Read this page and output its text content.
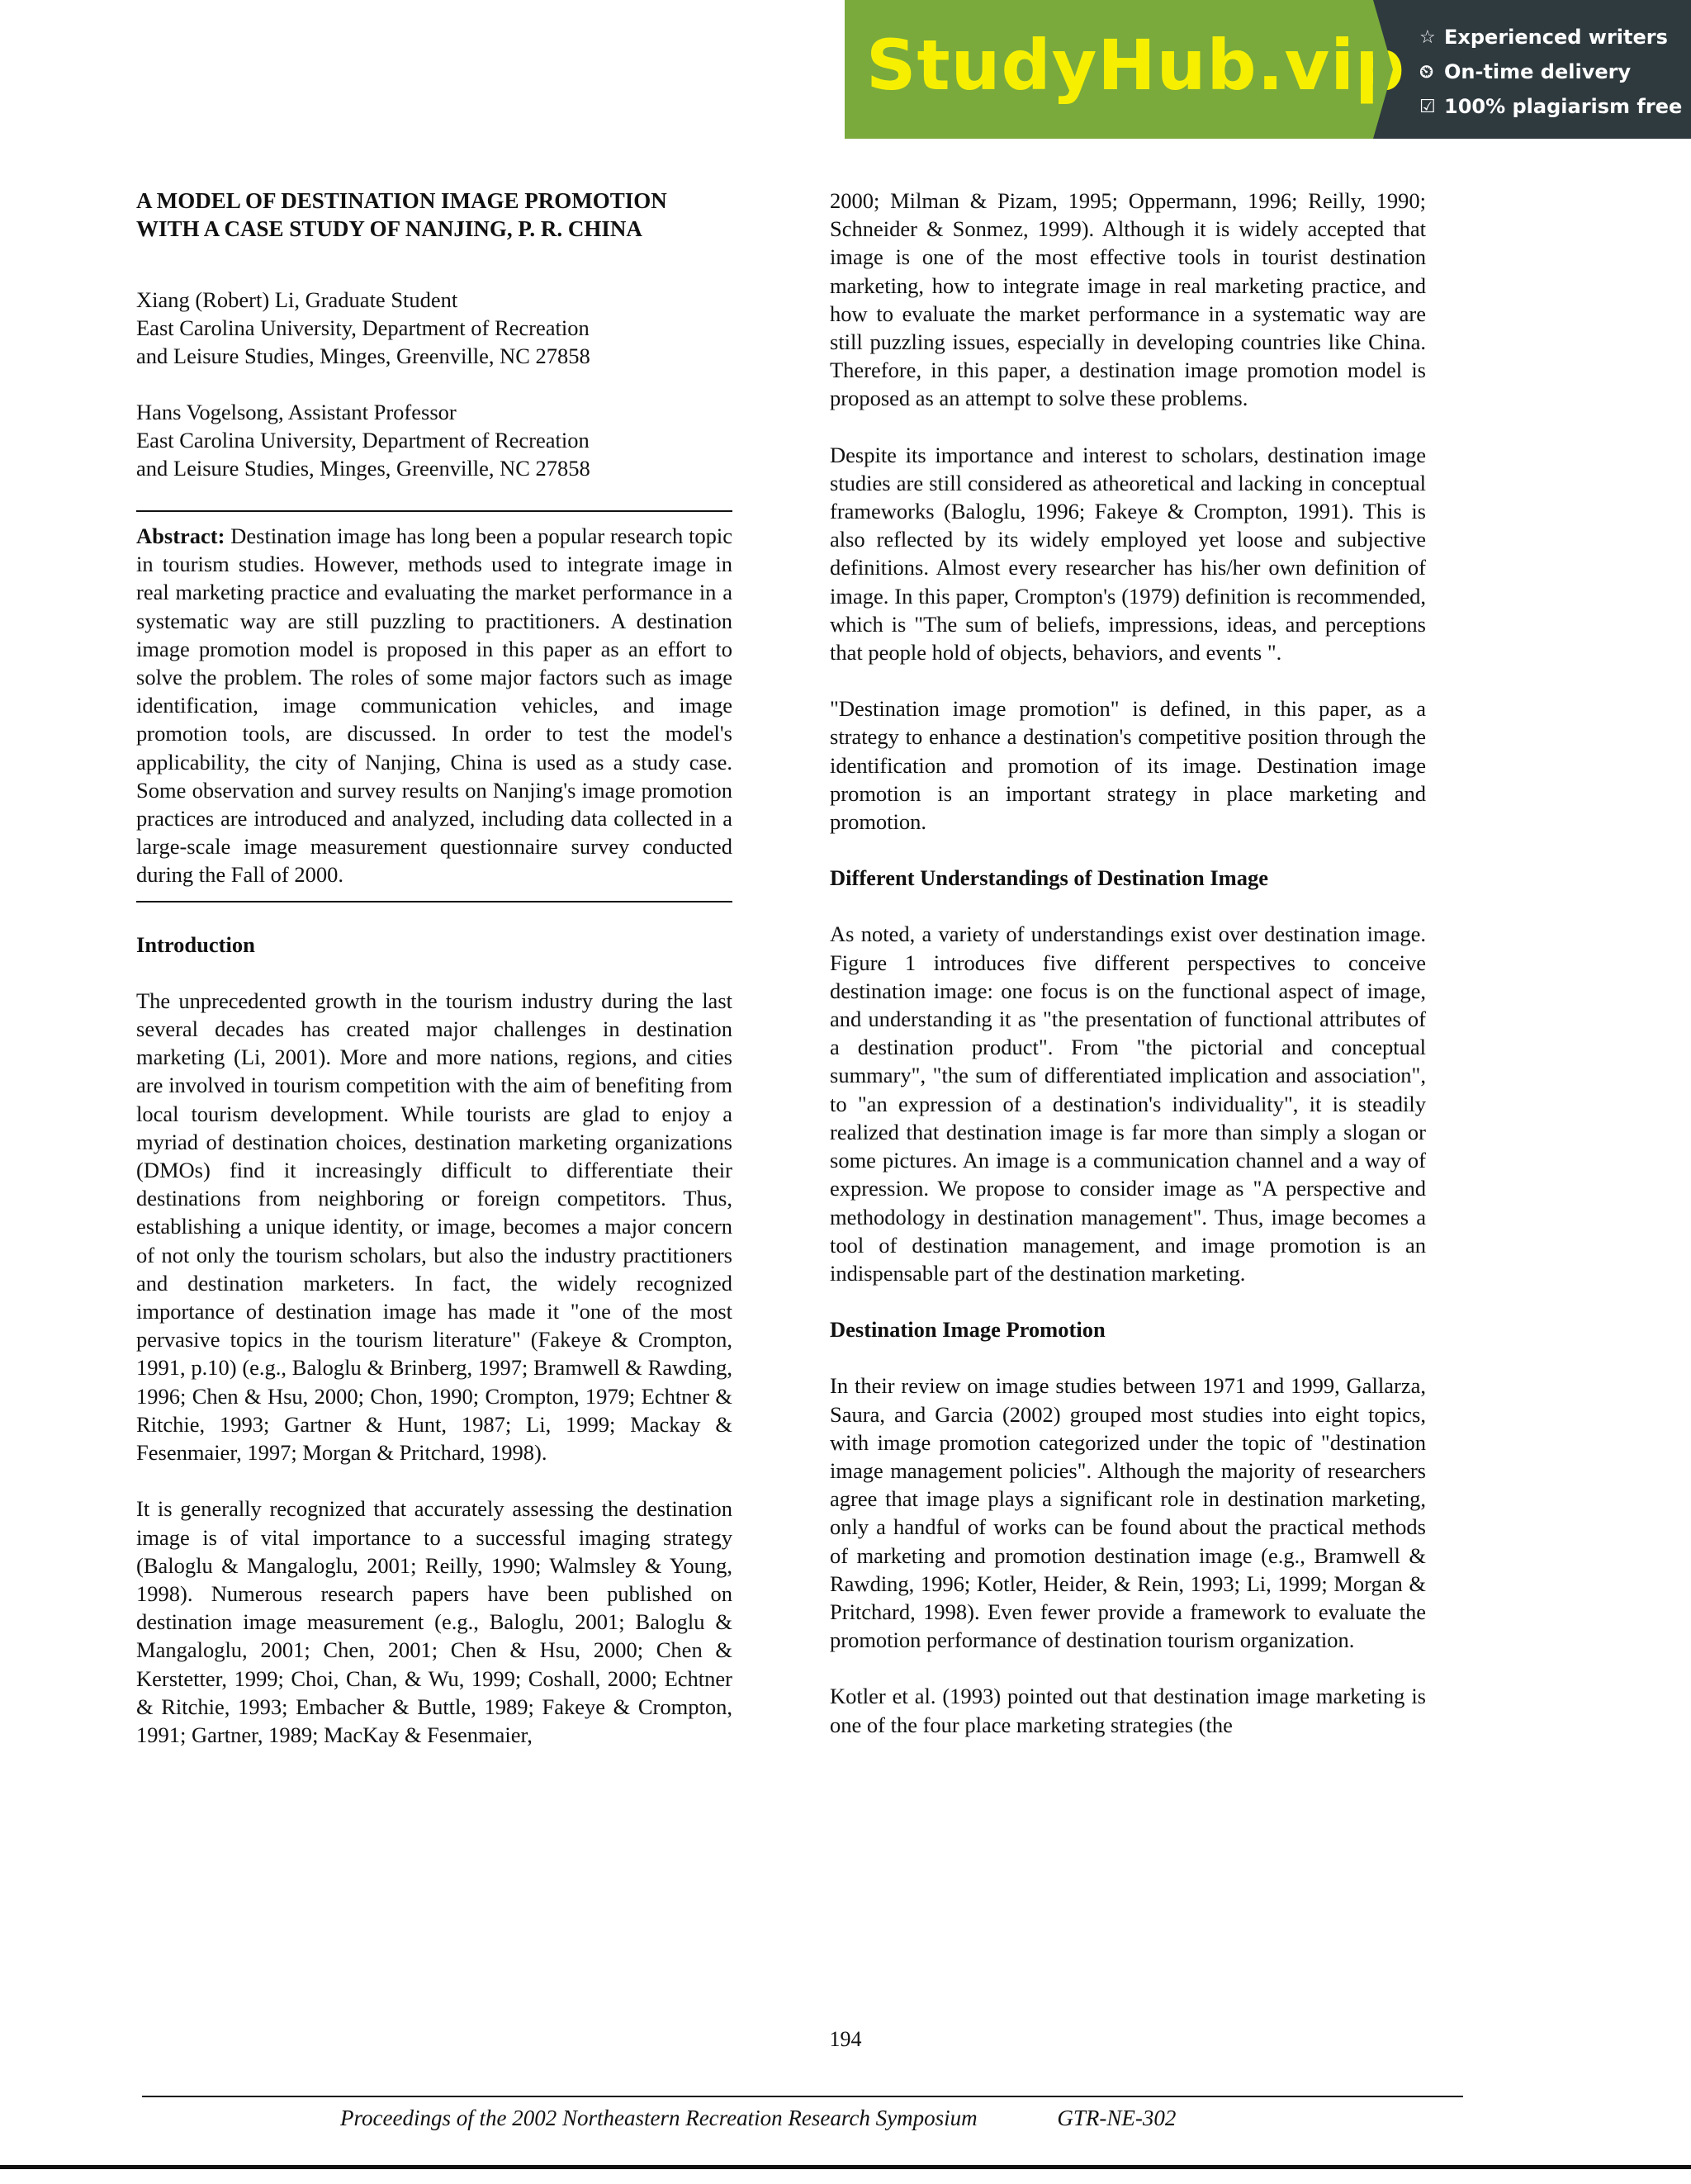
StudyHub.vip ☆ Experienced writers
⏲ On-time delivery
☑ 100% plagiarism free
A MODEL OF DESTINATION IMAGE PROMOTION WITH A CASE STUDY OF NANJING, P. R. CHINA
Xiang (Robert) Li, Graduate Student
East Carolina University, Department of Recreation
and Leisure Studies, Minges, Greenville, NC 27858
Hans Vogelsong, Assistant Professor
East Carolina University, Department of Recreation
and Leisure Studies, Minges, Greenville, NC 27858
Abstract: Destination image has long been a popular research topic in tourism studies. However, methods used to integrate image in real marketing practice and evaluating the market performance in a systematic way are still puzzling to practitioners. A destination image promotion model is proposed in this paper as an effort to solve the problem. The roles of some major factors such as image identification, image communication vehicles, and image promotion tools, are discussed. In order to test the model's applicability, the city of Nanjing, China is used as a study case. Some observation and survey results on Nanjing's image promotion practices are introduced and analyzed, including data collected in a large-scale image measurement questionnaire survey conducted during the Fall of 2000.
Introduction

The unprecedented growth in the tourism industry during the last several decades has created major challenges in destination marketing (Li, 2001). More and more nations, regions, and cities are involved in tourism competition with the aim of benefiting from local tourism development. While tourists are glad to enjoy a myriad of destination choices, destination marketing organizations (DMOs) find it increasingly difficult to differentiate their destinations from neighboring or foreign competitors. Thus, establishing a unique identity, or image, becomes a major concern of not only the tourism scholars, but also the industry practitioners and destination marketers. In fact, the widely recognized importance of destination image has made it "one of the most pervasive topics in the tourism literature" (Fakeye & Crompton, 1991, p.10) (e.g., Baloglu & Brinberg, 1997; Bramwell & Rawding, 1996; Chen & Hsu, 2000; Chon, 1990; Crompton, 1979; Echtner & Ritchie, 1993; Gartner & Hunt, 1987; Li, 1999; Mackay & Fesenmaier, 1997; Morgan & Pritchard, 1998).

It is generally recognized that accurately assessing the destination image is of vital importance to a successful imaging strategy (Baloglu & Mangaloglu, 2001; Reilly, 1990; Walmsley & Young, 1998). Numerous research papers have been published on destination image measurement (e.g., Baloglu, 2001; Baloglu & Mangaloglu, 2001; Chen, 2001; Chen & Hsu, 2000; Chen & Kerstetter, 1999; Choi, Chan, & Wu, 1999; Coshall, 2000; Echtner & Ritchie, 1993; Embacher & Buttle, 1989; Fakeye & Crompton, 1991; Gartner, 1989; MacKay & Fesenmaier,

2000; Milman & Pizam, 1995; Oppermann, 1996; Reilly, 1990; Schneider & Sonmez, 1999). Although it is widely accepted that image is one of the most effective tools in tourist destination marketing, how to integrate image in real marketing practice, and how to evaluate the market performance in a systematic way are still puzzling issues, especially in developing countries like China. Therefore, in this paper, a destination image promotion model is proposed as an attempt to solve these problems.

Despite its importance and interest to scholars, destination image studies are still considered as atheoretical and lacking in conceptual frameworks (Baloglu, 1996; Fakeye & Crompton, 1991). This is also reflected by its widely employed yet loose and subjective definitions. Almost every researcher has his/her own definition of image. In this paper, Crompton's (1979) definition is recommended, which is "The sum of beliefs, impressions, ideas, and perceptions that people hold of objects, behaviors, and events ".

"Destination image promotion" is defined, in this paper, as a strategy to enhance a destination's competitive position through the identification and promotion of its image. Destination image promotion is an important strategy in place marketing and promotion.

Different Understandings of Destination Image

As noted, a variety of understandings exist over destination image. Figure 1 introduces five different perspectives to conceive destination image: one focus is on the functional aspect of image, and understanding it as "the presentation of functional attributes of a destination product". From "the pictorial and conceptual summary", "the sum of differentiated implication and association", to "an expression of a destination's individuality", it is steadily realized that destination image is far more than simply a slogan or some pictures. An image is a communication channel and a way of expression. We propose to consider image as "A perspective and methodology in destination management". Thus, image becomes a tool of destination management, and image promotion is an indispensable part of the destination marketing.

Destination Image Promotion

In their review on image studies between 1971 and 1999, Gallarza, Saura, and Garcia (2002) grouped most studies into eight topics, with image promotion categorized under the topic of "destination image management policies". Although the majority of researchers agree that image plays a significant role in destination marketing, only a handful of works can be found about the practical methods of marketing and promotion destination image (e.g., Bramwell & Rawding, 1996; Kotler, Heider, & Rein, 1993; Li, 1999; Morgan & Pritchard, 1998). Even fewer provide a framework to evaluate the promotion performance of destination tourism organization.

Kotler et al. (1993) pointed out that destination image marketing is one of the four place marketing strategies (the

194
Proceedings of the 2002 Northeastern Recreation Research Symposium	GTR-NE-302
